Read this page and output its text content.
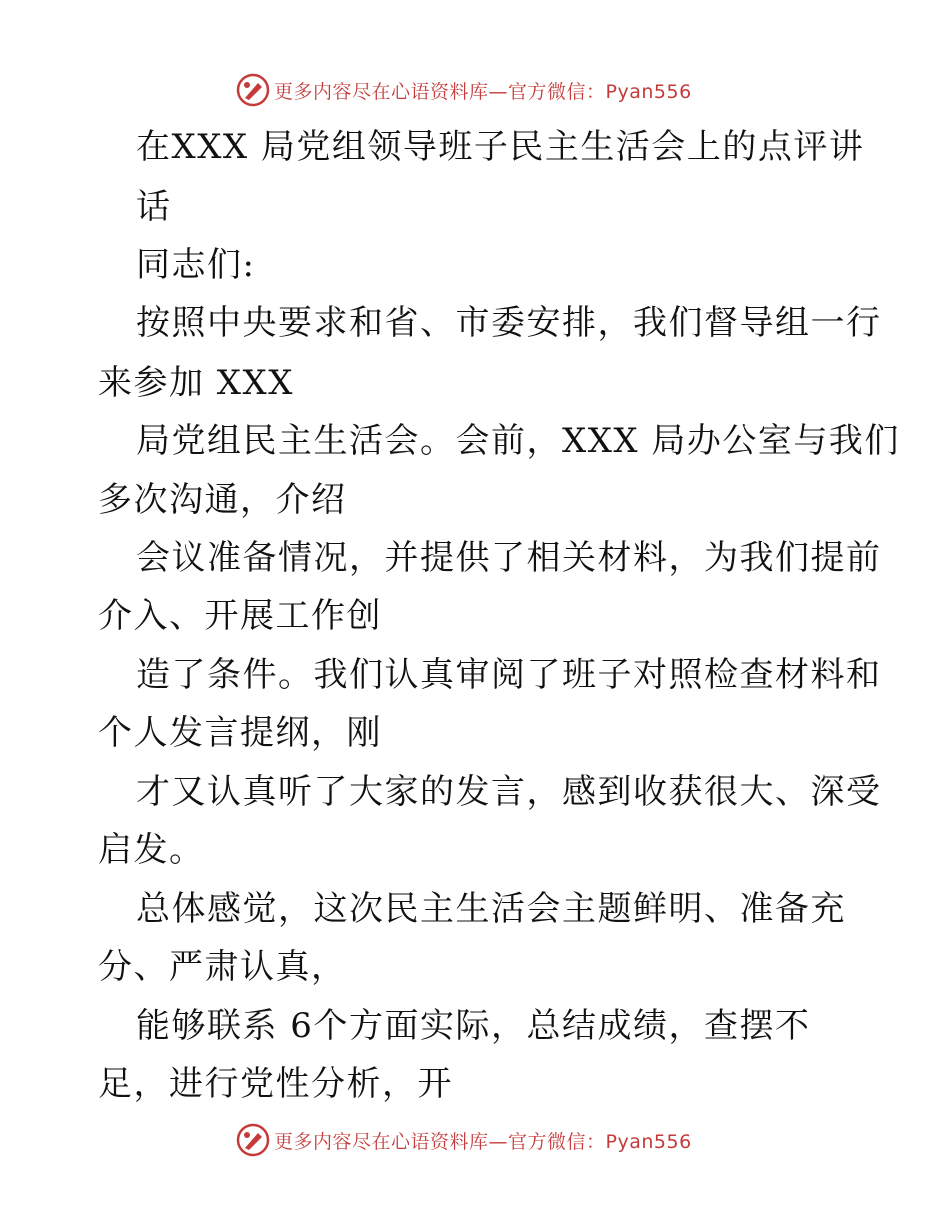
更多内容尽在心语资料库—官方微信：Pyan556
在XXX 局党组领导班子民主生活会上的点评讲
话
同志们:
按照中央要求和省、市委安排，我们督导组一行
来参加 XXX
局党组民主生活会。会前，XXX 局办公室与我们
多次沟通，介绍
会议准备情况，并提供了相关材料，为我们提前
介入、开展工作创
造了条件。我们认真审阅了班子对照检查材料和
个人发言提纲，刚
才又认真听了大家的发言，感到收获很大、深受
启发。
总体感觉，这次民主生活会主题鲜明、准备充
分、严肃认真，
能够联系 6个方面实际，总结成绩，查摆不
足，进行党性分析，开
更多内容尽在心语资料库—官方微信：Pyan556
